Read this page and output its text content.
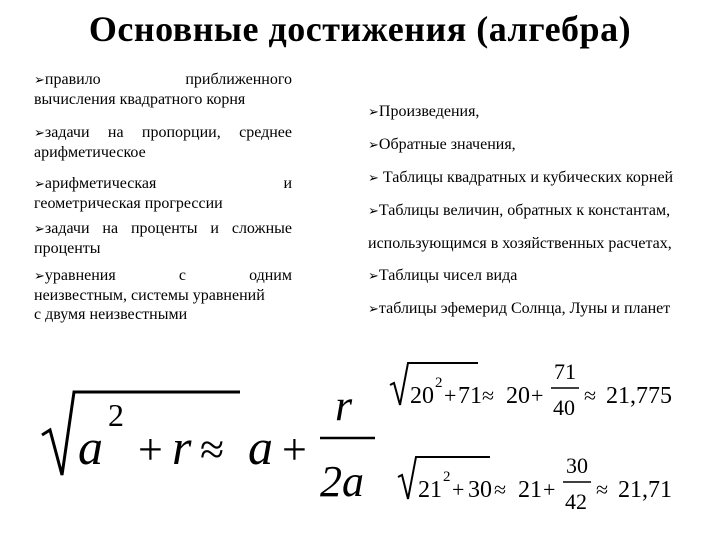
Основные достижения (алгебра)
➢правило приближенного
вычисления квадратного корня
➢задачи на пропорции, среднее
арифметическое
➢арифметическая и
геометрическая прогрессии
➢задачи на проценты и сложные
проценты
➢уравнения с одним
неизвестным, системы уравнений
с двумя неизвестными
➢Произведения,
➢Обратные значения,
➢ Таблицы квадратных и кубических корней
➢Таблицы величин, обратных к константам,
использующимся в хозяйственных расчетах,
➢Таблицы чисел вида
➢таблицы эфемерид Солнца, Луны и планет
a
2
+ r ≈ a +
r
2a
20 2 + 71 ≈ 20 +
71
40 ≈ 21,775
21 2 + 30 ≈ 21 +
30
42 ≈ 21,71
